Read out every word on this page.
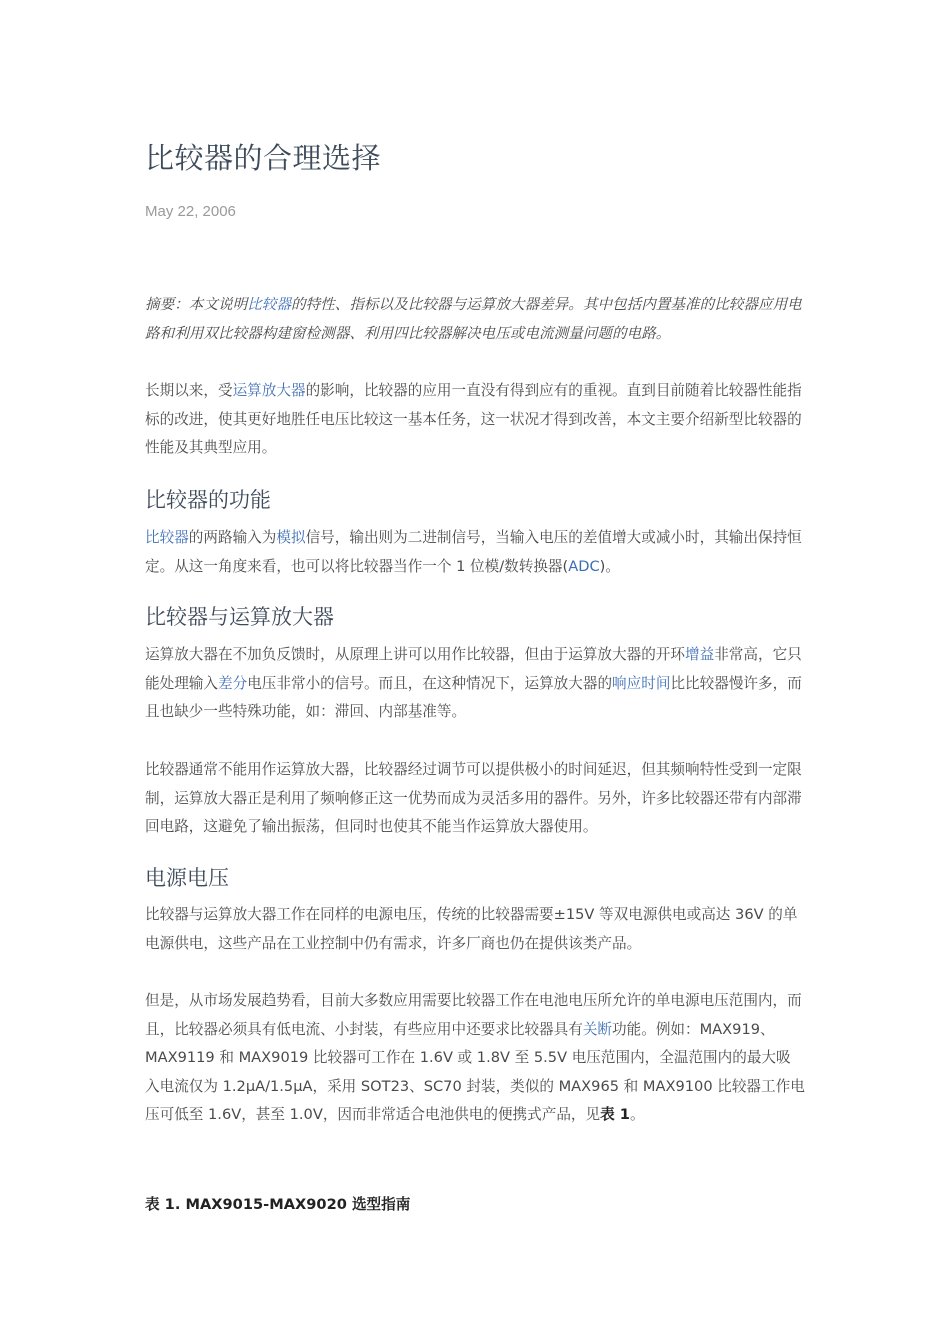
比较器的合理选择
May 22, 2006

摘要：本文说明比较器的特性、指标以及比较器与运算放大器差异。其中包括内置基准的比较器应用电路和利用双比较器构建窗检测器、利用四比较器解决电压或电流测量问题的电路。

长期以来，受运算放大器的影响，比较器的应用一直没有得到应有的重视。直到目前随着比较器性能指标的改进，使其更好地胜任电压比较这一基本任务，这一状况才得到改善，本文主要介绍新型比较器的性能及其典型应用。

比较器的功能

比较器的两路输入为模拟信号，输出则为二进制信号，当输入电压的差值增大或减小时，其输出保持恒定。从这一角度来看，也可以将比较器当作一个 1 位模/数转换器(ADC)。

比较器与运算放大器

运算放大器在不加负反馈时，从原理上讲可以用作比较器，但由于运算放大器的开环增益非常高，它只能处理输入差分电压非常小的信号。而且，在这种情况下，运算放大器的响应时间比比较器慢许多，而且也缺少一些特殊功能，如：滞回、内部基准等。

比较器通常不能用作运算放大器，比较器经过调节可以提供极小的时间延迟，但其频响特性受到一定限制，运算放大器正是利用了频响修正这一优势而成为灵活多用的器件。另外，许多比较器还带有内部滞回电路，这避免了输出振荡，但同时也使其不能当作运算放大器使用。

电源电压

比较器与运算放大器工作在同样的电源电压，传统的比较器需要±15V 等双电源供电或高达 36V 的单电源供电，这些产品在工业控制中仍有需求，许多厂商也仍在提供该类产品。

但是，从市场发展趋势看，目前大多数应用需要比较器工作在电池电压所允许的单电源电压范围内，而且，比较器必须具有低电流、小封装，有些应用中还要求比较器具有关断功能。例如：MAX919、MAX9119 和 MAX9019 比较器可工作在 1.6V 或 1.8V 至 5.5V 电压范围内，全温范围内的最大吸入电流仅为 1.2µA/1.5µA，采用 SOT23、SC70 封装，类似的 MAX965 和 MAX9100 比较器工作电压可低至 1.6V，甚至 1.0V，因而非常适合电池供电的便携式产品，见表 1。

表 1. MAX9015-MAX9020 选型指南
